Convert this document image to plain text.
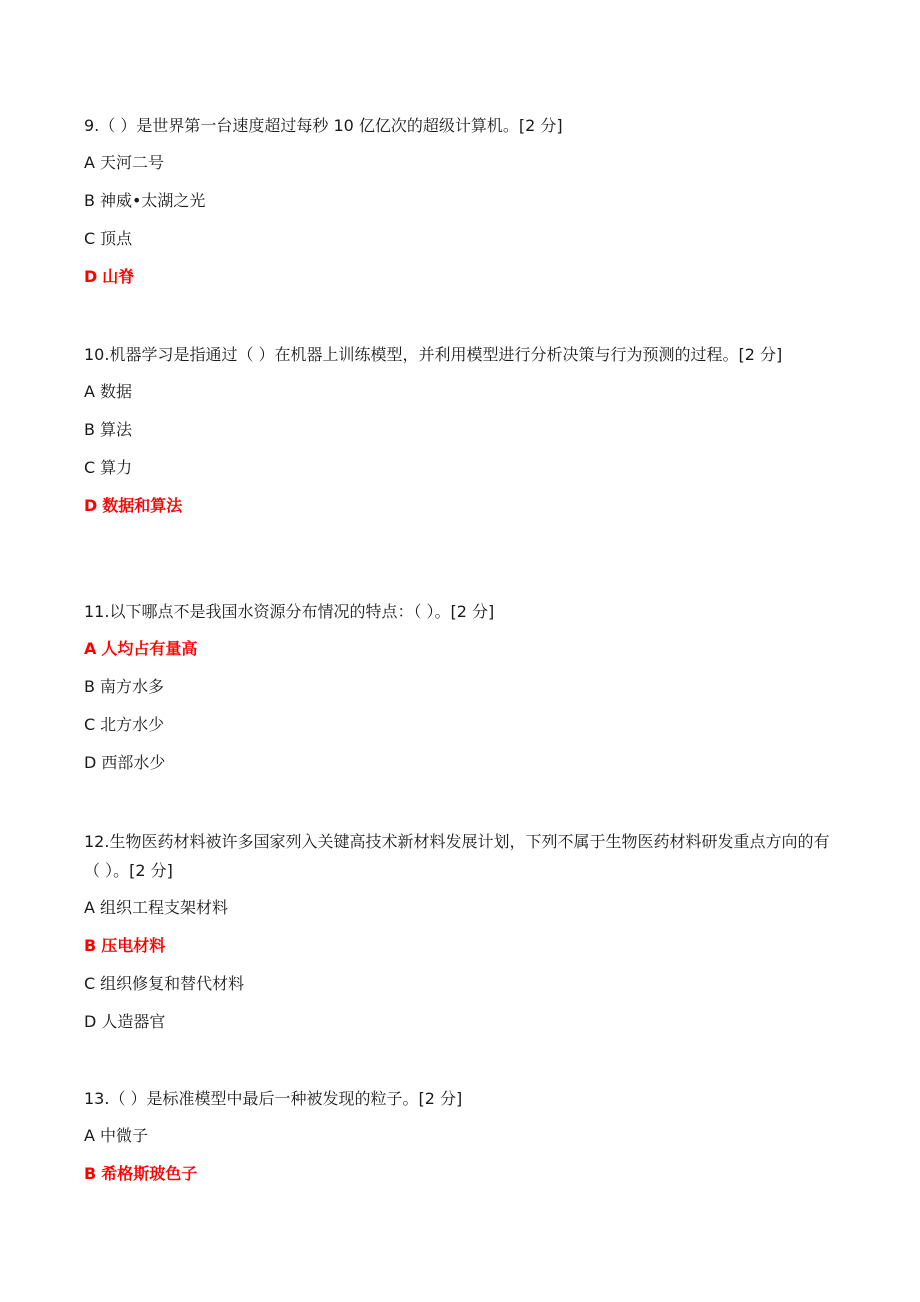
9.（ ）是世界第一台速度超过每秒 10 亿亿次的超级计算机。[2 分]

A 天河二号
B 神威•太湖之光
C 顶点
D 山脊

10.机器学习是指通过（ ）在机器上训练模型，并利用模型进行分析决策与行为预测的过程。[2 分]

A 数据
B 算法
C 算力
D 数据和算法

11.以下哪点不是我国水资源分布情况的特点：（ ）。[2 分]

A 人均占有量高
B 南方水多
C 北方水少
D 西部水少

12.生物医药材料被许多国家列入关键高技术新材料发展计划，下列不属于生物医药材料研发重点方向的有（ ）。[2 分]

A 组织工程支架材料
B 压电材料
C 组织修复和替代材料
D 人造器官

13.（ ）是标准模型中最后一种被发现的粒子。[2 分]

A 中微子
B 希格斯玻色子
